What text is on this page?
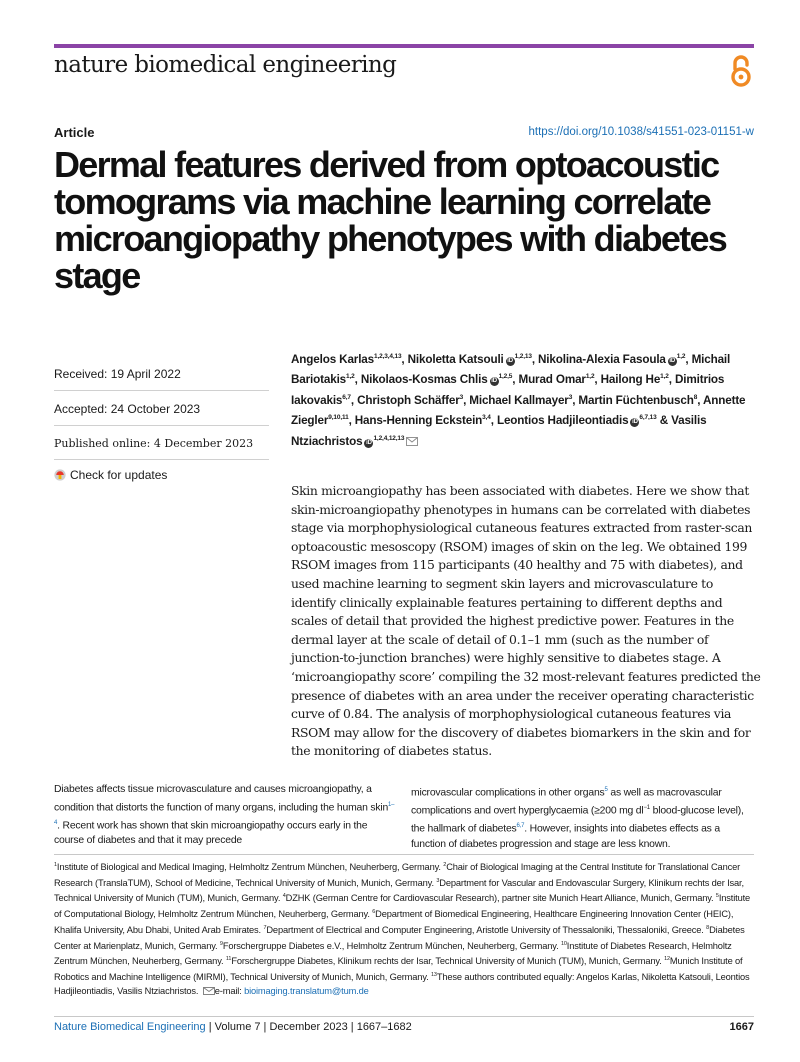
nature biomedical engineering
Article	https://doi.org/10.1038/s41551-023-01151-w
Dermal features derived from optoacoustic tomograms via machine learning correlate microangiopathy phenotypes with diabetes stage
Received: 19 April 2022
Accepted: 24 October 2023
Published online: 4 December 2023
Check for updates

Angelos Karlas$^{1,2,3,4,13}$, Nikoletta Katsouli iD$^{1,2,13}$, Nikolina-Alexia Fasoula iD$^{1,2}$, Michail Bariotakis$^{1,2}$, Nikolaos-Kosmas Chlis iD$^{1,2,5}$, Murad Omar$^{1,2}$, Hailong He$^{1,2}$, Dimitrios Iakovakis$^{6,7}$, Christoph Schäffer$^3$, Michael Kallmayer$^3$, Martin Füchtenbusch$^8$, Annette Ziegler$^{9,10,11}$, Hans-Henning Eckstein$^{3,4}$, Leontios Hadjileontiadis iD$^{6,7,13}$ & Vasilis Ntziachristos iD$^{1,2,4,12,13}$

Skin microangiopathy has been associated with diabetes. Here we show that skin-microangiopathy phenotypes in humans can be correlated with diabetes stage via morphophysiological cutaneous features extracted from raster-scan optoacoustic mesoscopy (RSOM) images of skin on the leg. We obtained 199 RSOM images from 115 participants (40 healthy and 75 with diabetes), and used machine learning to segment skin layers and microvasculature to identify clinically explainable features pertaining to different depths and scales of detail that provided the highest predictive power. Features in the dermal layer at the scale of detail of 0.1–1 mm (such as the number of junction-to-junction branches) were highly sensitive to diabetes stage. A ‘microangiopathy score’ compiling the 32 most-relevant features predicted the presence of diabetes with an area under the receiver operating characteristic curve of 0.84. The analysis of morphophysiological cutaneous features via RSOM may allow for the discovery of diabetes biomarkers in the skin and for the monitoring of diabetes status.

Diabetes affects tissue microvasculature and causes microangiopathy, a condition that distorts the function of many organs, including the human skin$^{1-4}$. Recent work has shown that skin microangiopathy occurs early in the course of diabetes and that it may precede

microvascular complications in other organs$^5$ as well as macrovascular complications and overt hyperglycaemia (≥200 mg $dl^{-1}$ blood-glucose level), the hallmark of diabetes$^{6,7}$. However, insights into diabetes effects as a function of diabetes progression and stage are less known.

$^1$Institute of Biological and Medical Imaging, Helmholtz Zentrum München, Neuherberg, Germany. $^2$Chair of Biological Imaging at the Central Institute for Translational Cancer Research (TranslaTUM), School of Medicine, Technical University of Munich, Munich, Germany. $^3$Department for Vascular and Endovascular Surgery, Klinikum rechts der Isar, Technical University of Munich (TUM), Munich, Germany. $^4$DZHK (German Centre for Cardiovascular Research), partner site Munich Heart Alliance, Munich, Germany. $^5$Institute of Computational Biology, Helmholtz Zentrum München, Neuherberg, Germany. $^6$Department of Biomedical Engineering, Healthcare Engineering Innovation Center (HEIC), Khalifa University, Abu Dhabi, United Arab Emirates. $^7$Department of Electrical and Computer Engineering, Aristotle University of Thessaloniki, Thessaloniki, Greece. $^8$Diabetes Center at Marienplatz, Munich, Germany. $^9$Forschergruppe Diabetes e.V., Helmholtz Zentrum München, Neuherberg, Germany. $^{10}$Institute of Diabetes Research, Helmholtz Zentrum München, Neuherberg, Germany. $^{11}$Forschergruppe Diabetes, Klinikum rechts der Isar, Technical University of Munich (TUM), Munich, Germany. $^{12}$Munich Institute of Robotics and Machine Intelligence (MIRMI), Technical University of Munich, Munich, Germany. $^{13}$These authors contributed equally: Angelos Karlas, Nikoletta Katsouli, Leontios Hadjileontiadis, Vasilis Ntziachristos. e-mail: bioimaging.translatum@tum.de

Nature Biomedical Engineering | Volume 7 | December 2023 | 1667–1682	1667
